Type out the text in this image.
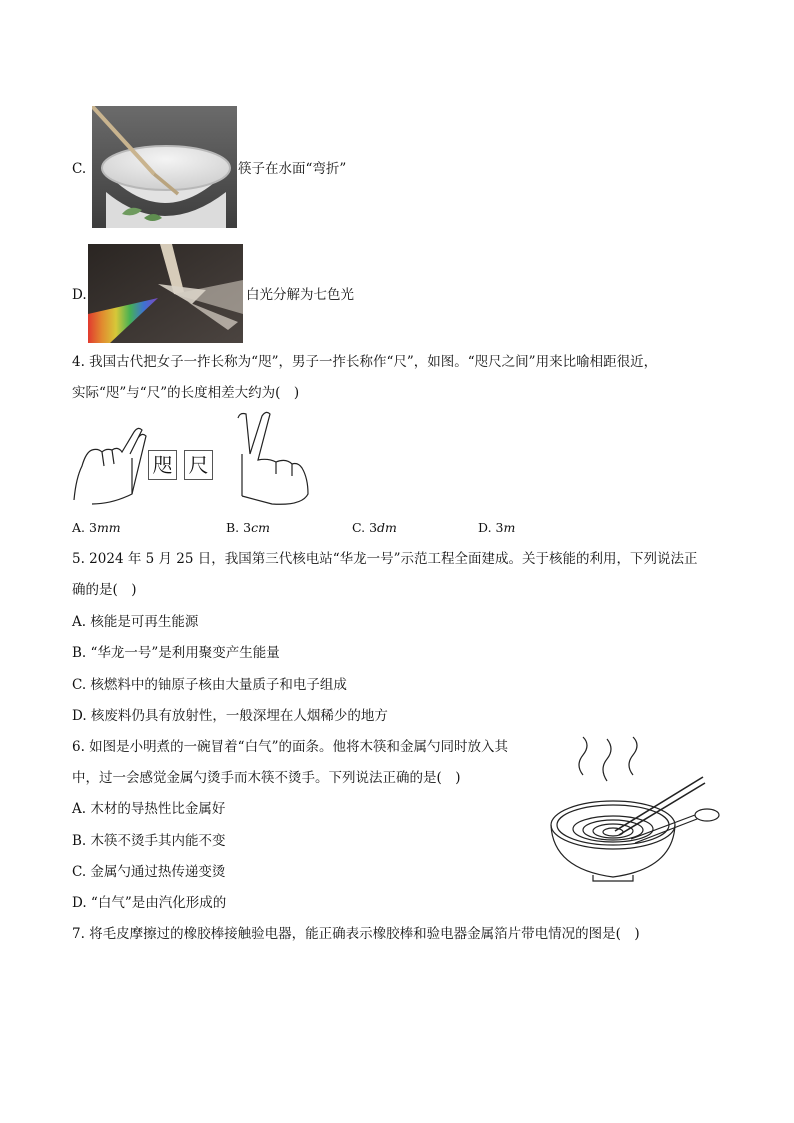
C.	筷子在水面“弯折”
D.	白光分解为七色光
4. 我国古代把女子一拃长称为“咫”，男子一拃长称作“尺”，如图。“咫尺之间”用来比喻相距很近，
实际“咫”与“尺”的长度相差大约为(　)
咫 尺
A. 3mm	B. 3cm	C. 3dm	D. 3m
5. 2024 年 5 月 25 日，我国第三代核电站“华龙一号”示范工程全面建成。关于核能的利用，下列说法正
确的是(　)
A. 核能是可再生能源
B. “华龙一号”是利用聚变产生能量
C. 核燃料中的铀原子核由大量质子和电子组成
D. 核废料仍具有放射性，一般深埋在人烟稀少的地方
6. 如图是小明煮的一碗冒着“白气”的面条。他将木筷和金属勺同时放入其
中，过一会感觉金属勺烫手而木筷不烫手。下列说法正确的是(　)
A. 木材的导热性比金属好
B. 木筷不烫手其内能不变
C. 金属勺通过热传递变烫
D. “白气”是由汽化形成的
7. 将毛皮摩擦过的橡胶棒接触验电器，能正确表示橡胶棒和验电器金属箔片带电情况的图是(　)
